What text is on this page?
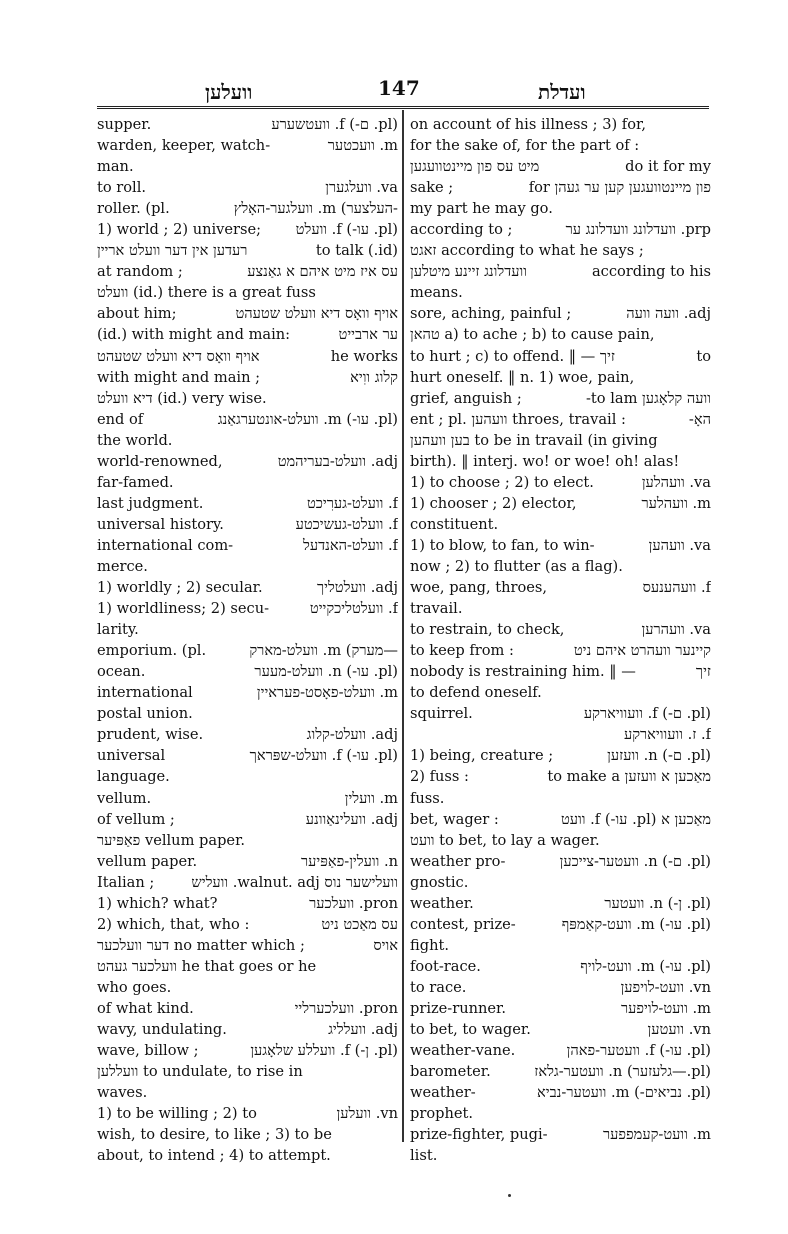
וועלען	147	ועדלת
supper.	(pl. ם-) f. וועטשערע
warden, keeper, watch-	m. וועכטער
man.
to roll.	va. וועלגערן
roller. (pl.	-העלצער) m. וועלגער-האָלץ
1) world ; 2) universe; (pl. עו-) f. וועלט
רעדען אין דער וועלט אריין	(id.) to talk
at random ;	עס איז מיט איהם א גאַנצע
וועלט (id.) there is a great fuss
about him;	אויף וואָס דיא וועלט שטעהט
(id.) with might and main:	ער ארבייט
אויף וואָס דיא וועלט שטעהט	he works
with might and main ;	קלוג ווִיא
דיא וועלט (id.) very wise.
end of	(pl. עו-) m. וועלט-אונטערגאַנג
the world.
world-renowned,	adj. וועלט-בעריהמט
far-famed.
last judgment.	f. וועלט-גערִיכט
universal history.	f. וועלט-געשיכטע
international com-	f. וועלט-האנדעל
merce.
1) worldly ; 2) secular.	adj. וועלטליך
1) worldliness; 2) secu-	f. וועלטליכקייט
larity.
emporium. (pl.	—מערק) m. וועלט-מארק
ocean.	(pl. עו-) n. וועלט-מעער
international	m. וועלט-פאָסט-פעראיין
postal union.
prudent, wise.	adj. וועלט-קלוג
universal	(pl. עו-) f. וועלט-שפּראך
language.
vellum.	m. וועלין
of vellum ;	adj. וועלינאַוונע
פאַפּיער vellum paper.
vellum paper.	n. וועלין-פאַפּיער
Italian ;	וועלישער נוס walnut. adj. וועליש
1) which? what?	pron. וועלכער
2) which, that, who :	עס מאַכט ניט
דער וועלכער no matter which ;	אויס
וועלכער געהט he that goes or he
who goes.
of what kind.	pron. וועלכערליי
wavy, undulating.	adj. וועלליג
wave, billow ;	(pl. ן-) f. וועללע שלאָגען
וועללען to undulate, to rise in
waves.
1) to be willing ; 2) to	vn. וועלען
wish, to desire, to like ; 3) to be
about, to intend ; 4) to attempt.
on account of his illness ; 3) for,
for the sake of, for the part of :
מיט עס פון מיינטוועגען	do it for my
sake ;	פון מיינטוועגען קען ער געהן for
my part he may go.
according to ;	prp. וועדלונג וועדלונג ער
זאגט according to what he says ;
וועדלונג זיינע מיטלען	according to his
means.
sore, aching, painful ;	adj. וועה וועה
טהאן a) to ache ; b) to cause pain,
to hurt ; c) to offend. ‖ — זיך	to
hurt oneself. ‖ n. 1) woe, pain,
grief, anguish ;	וועה קלאָגען to lam-
ent ; pl. וועהען throes, travail :	האָ-
בען וועהען to be in travail (in giving
birth). ‖ interj. wo! or woe! oh! alas!
1) to choose ; 2) to elect.	va. וועהלען
1) chooser ; 2) elector,	m. וועהלער
constituent.
1) to blow, to fan, to win-	va. וועהען
now ; 2) to flutter (as a flag).
woe, pang, throes,	f. וועהענעס
travail.
to restrain, to check,	va. וועהרען
to keep from :	קיינער וועהרט איהם ניט
nobody is restraining him. ‖ —	זיך
to defend oneself.
squirrel.	(pl. ם-) f. וועוויארקע
f. ז. וועוויארקע
1) being, creature ;	(pl. ם-) n. וועזען
2) fuss :	מאַכען א וועזען to make a
fuss.
bet, wager :	מאַכען א (pl. עו-) f. וועט
וועט to bet, to lay a wager.
weather pro-	(pl. ם-) n. וועטער-צייכען
gnostic.
weather.	(pl. ן-) n. וועטער
contest, prize-	(pl. עו-) m. וועט-קאַמפּף
fight.
foot-race.	(pl. עו-) m. וועט-לויף
to race.	vn. וועט-לויפען
prize-runner.	m. וועט-לויפער
to bet, to wager.	vn. וועטען
weather-vane.	(pl. עו-) f. וועטער-פאהן
barometer.	(pl.—גלעזער) n. וועטער-גלאז
weather-	(pl. נביאים-) m. וועטער-נביא
prophet.
prize-fighter, pugi-	m. וועט-קעמפפער
list.
